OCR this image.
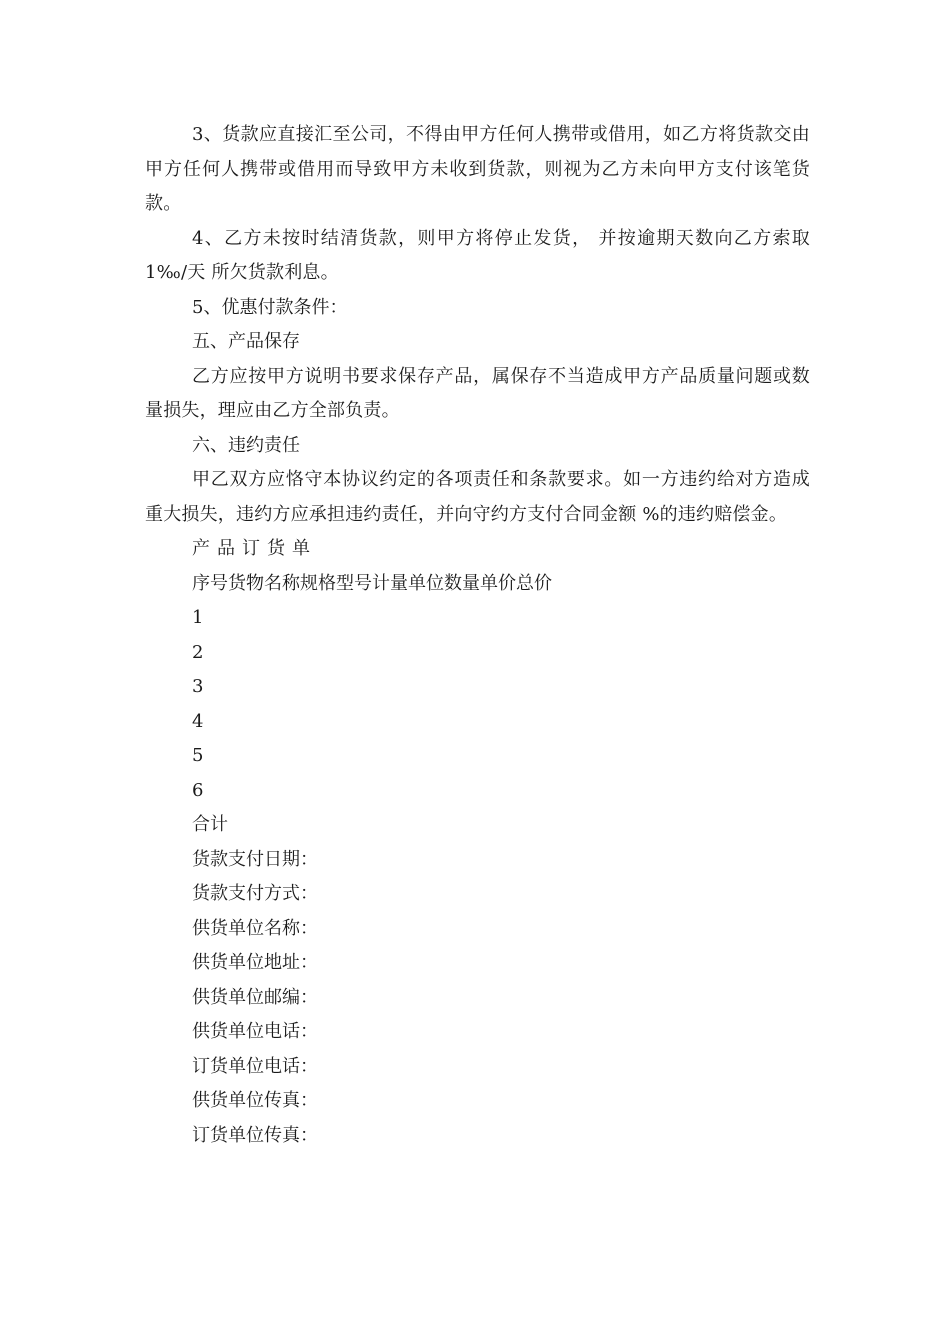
3、货款应直接汇至公司，不得由甲方任何人携带或借用，如乙方将货款交由甲方任何人携带或借用而导致甲方未收到货款，则视为乙方未向甲方支付该笔货款。

4、乙方未按时结清货款，则甲方将停止发货， 并按逾期天数向乙方索取1‰/天 所欠货款利息。

5、优惠付款条件：

五、产品保存

乙方应按甲方说明书要求保存产品，属保存不当造成甲方产品质量问题或数量损失，理应由乙方全部负责。

六、违约责任

甲乙双方应恪守本协议约定的各项责任和条款要求。如一方违约给对方造成重大损失，违约方应承担违约责任，并向守约方支付合同金额 %的违约赔偿金。

产品订货单

序号货物名称规格型号计量单位数量单价总价

1

2

3

4

5

6

合计

货款支付日期：

货款支付方式：

供货单位名称：

供货单位地址：

供货单位邮编：

供货单位电话：

订货单位电话：

供货单位传真：

订货单位传真：
